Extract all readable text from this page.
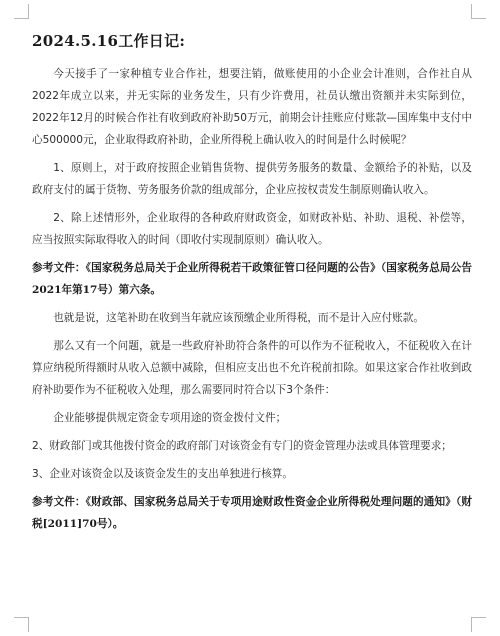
2024.5.16工作日记:

今天接手了一家种植专业合作社，想要注销，做账使用的小企业会计准则，合作社自从2022年成立以来，并无实际的业务发生，只有少许费用，社员认缴出资额并未实际到位，2022年12月的时候合作社有收到政府补助50万元，前期会计挂账应付账款—国库集中支付中心500000元，企业取得政府补助，企业所得税上确认收入的时间是什么时候呢？

1、原则上，对于政府按照企业销售货物、提供劳务服务的数量、金额给予的补贴，以及政府支付的属于货物、劳务服务价款的组成部分，企业应按权责发生制原则确认收入。

2、除上述情形外，企业取得的各种政府财政资金，如财政补贴、补助、退税、补偿等，应当按照实际取得收入的时间（即收付实现制原则）确认收入。

参考文件：《国家税务总局关于企业所得税若干政策征管口径问题的公告》（国家税务总局公告2021年第17号）第六条。

也就是说，这笔补助在收到当年就应该预缴企业所得税，而不是计入应付账款。

那么又有一个问题，就是一些政府补助符合条件的可以作为不征税收入，不征税收入在计算应纳税所得额时从收入总额中减除，但相应支出也不允许税前扣除。如果这家合作社收到政府补助要作为不征税收入处理，那么需要同时符合以下3个条件：

企业能够提供规定资金专项用途的资金拨付文件；

2、财政部门或其他拨付资金的政府部门对该资金有专门的资金管理办法或具体管理要求；

3、企业对该资金以及该资金发生的支出单独进行核算。

参考文件：《财政部、国家税务总局关于专项用途财政性资金企业所得税处理问题的通知》（财税[2011]70号）。
